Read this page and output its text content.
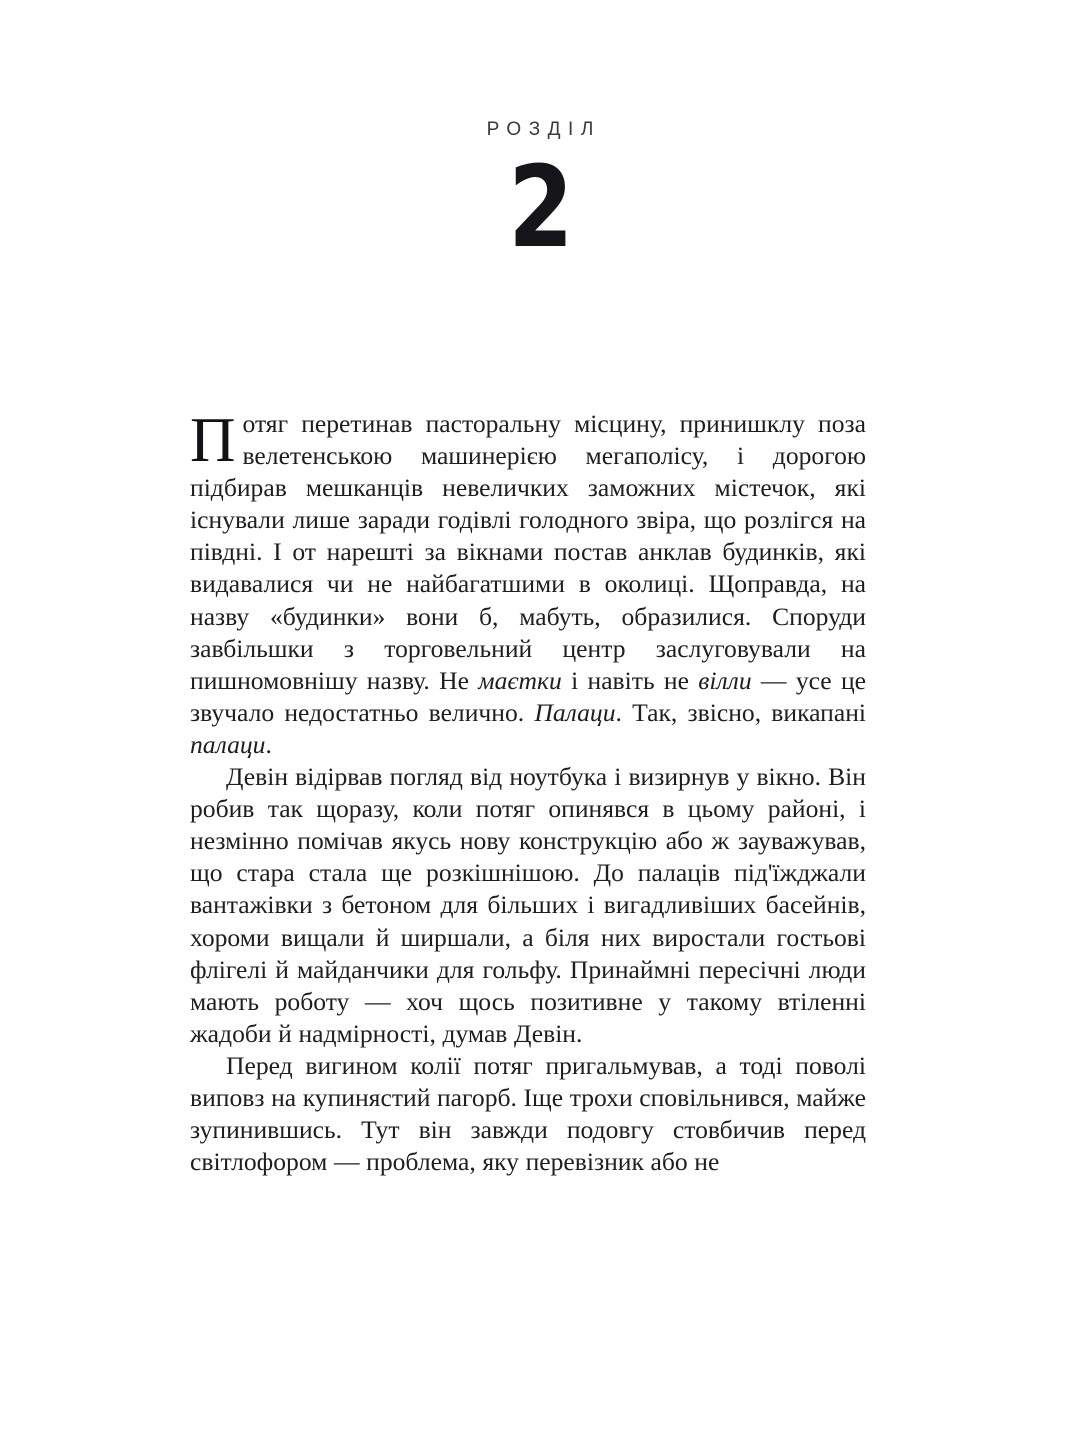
РОЗДІЛ
2

Потяг перетинав пасторальну місцину, принишклу поза велетенською машинерією мегаполісу, і дорогою підбирав мешканців невеличких заможних містечок, які існували лише заради годівлі голодного звіра, що розлігся на півдні. І от нарешті за вікнами постав анклав будинків, які видавалися чи не найбагатшими в околиці. Щоправда, на назву «будинки» вони б, мабуть, образилися. Споруди завбільшки з торговельний центр заслуговували на пишномовнішу назву. Не маєтки і навіть не вілли — усе це звучало недостатньо велично. Палаци. Так, звісно, викапані палаци.

Девін відірвав погляд від ноутбука і визирнув у вікно. Він робив так щоразу, коли потяг опинявся в цьому районі, і незмінно помічав якусь нову конструкцію або ж зауважував, що стара стала ще розкішнішою. До палаців під'їжджали вантажівки з бетоном для більших і вигадливіших басейнів, хороми вищали й ширшали, а біля них виростали гостьові флігелі й майданчики для гольфу. Принаймні пересічні люди мають роботу — хоч щось позитивне у такому втіленні жадоби й надмірності, думав Девін.

Перед вигином колії потяг пригальмував, а тоді поволі виповз на купинястий пагорб. Іще трохи сповільнився, майже зупинившись. Тут він завжди подовгу стовбичив перед світлофором — проблема, яку перевізник або не
